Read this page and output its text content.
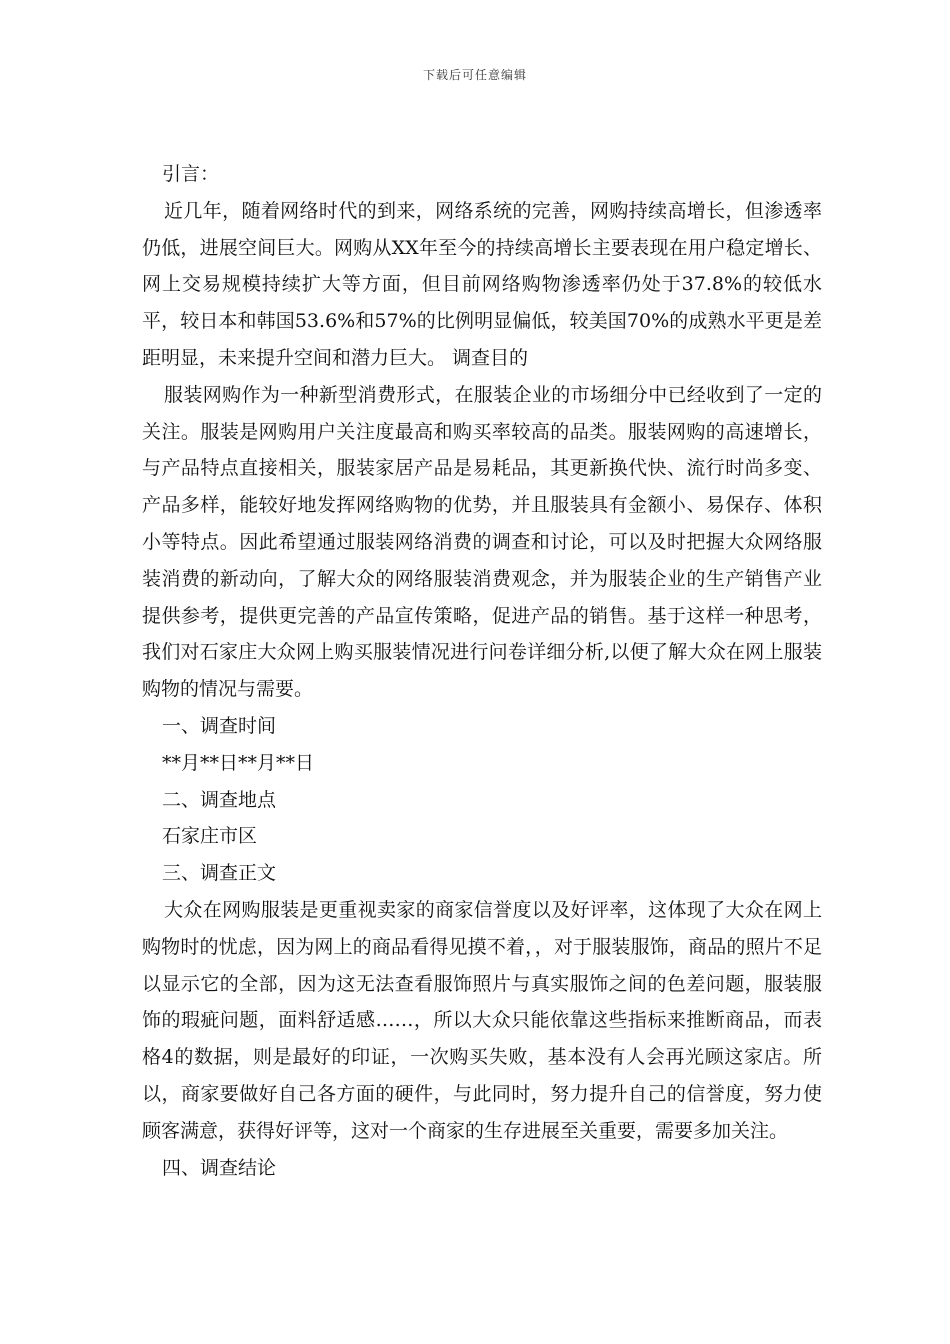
下载后可任意编辑

引言：

近几年，随着网络时代的到来，网络系统的完善，网购持续高增长，但渗透率仍低，进展空间巨大。网购从XX年至今的持续高增长主要表现在用户稳定增长、网上交易规模持续扩大等方面，但目前网络购物渗透率仍处于37.8%的较低水平，较日本和韩国53.6%和57%的比例明显偏低，较美国70%的成熟水平更是差距明显，未来提升空间和潜力巨大。 调查目的

服装网购作为一种新型消费形式，在服装企业的市场细分中已经收到了一定的关注。服装是网购用户关注度最高和购买率较高的品类。服装网购的高速增长，与产品特点直接相关，服装家居产品是易耗品，其更新换代快、流行时尚多变、产品多样，能较好地发挥网络购物的优势，并且服装具有金额小、易保存、体积小等特点。因此希望通过服装网络消费的调查和讨论，可以及时把握大众网络服装消费的新动向，了解大众的网络服装消费观念，并为服装企业的生产销售产业提供参考，提供更完善的产品宣传策略，促进产品的销售。基于这样一种思考，我们对石家庄大众网上购买服装情况进行问卷详细分析,以便了解大众在网上服装购物的情况与需要。

一、调查时间

**月**日**月**日

二、调查地点

石家庄市区

三、调查正文

大众在网购服装是更重视卖家的商家信誉度以及好评率，这体现了大众在网上购物时的忧虑，因为网上的商品看得见摸不着，，对于服装服饰，商品的照片不足以显示它的全部，因为这无法查看服饰照片与真实服饰之间的色差问题，服装服饰的瑕疵问题，面料舒适感……，所以大众只能依靠这些指标来推断商品，而表格4的数据，则是最好的印证，一次购买失败，基本没有人会再光顾这家店。所以，商家要做好自己各方面的硬件，与此同时，努力提升自己的信誉度，努力使顾客满意，获得好评等，这对一个商家的生存进展至关重要，需要多加关注。

四、调查结论
